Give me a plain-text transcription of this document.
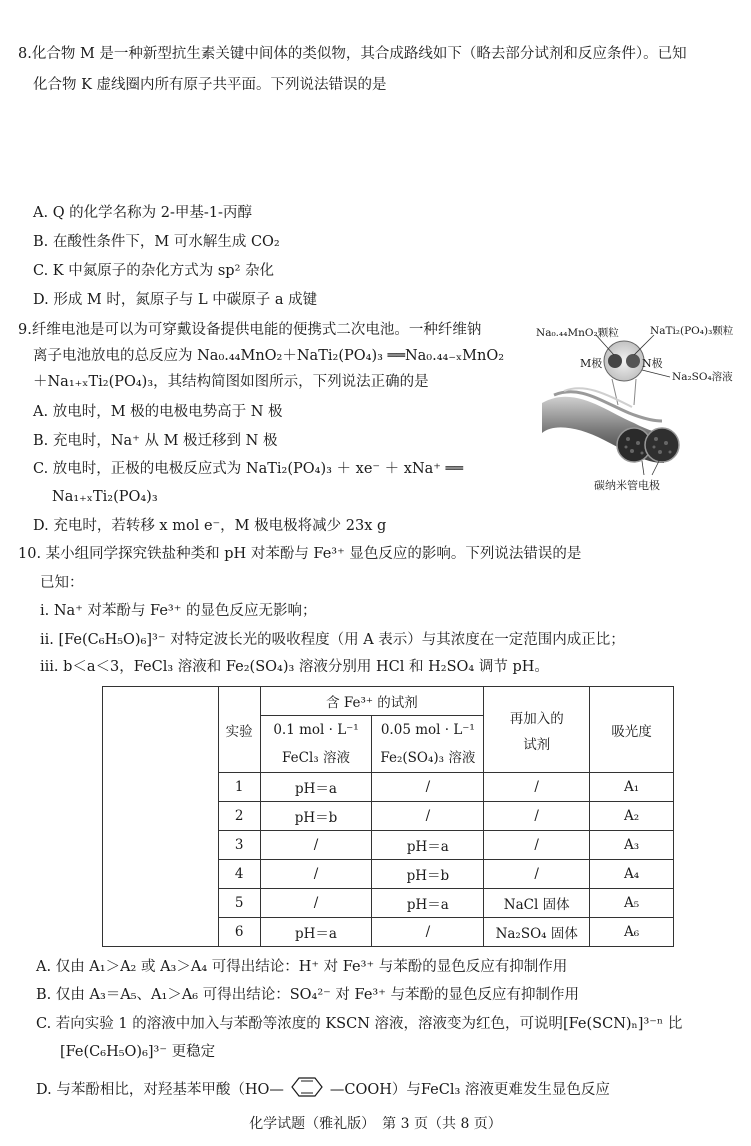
8.化合物 M 是一种新型抗生素关键中间体的类似物，其合成路线如下（略去部分试剂和反应条件）。已知
化合物 K 虚线圈内所有原子共平面。下列说法错误的是
A. Q 的化学名称为 2-甲基-1-丙醇
B. 在酸性条件下，M 可水解生成 CO₂
C. K 中氮原子的杂化方式为 sp² 杂化
D. 形成 M 时，氮原子与 L 中碳原子 a 成键
9.纤维电池是可以为可穿戴设备提供电能的便携式二次电池。一种纤维钠
离子电池放电的总反应为 Na₀.₄₄MnO₂＋NaTi₂(PO₄)₃ ══Na₀.₄₄₋ₓMnO₂
＋Na₁₊ₓTi₂(PO₄)₃，其结构简图如图所示，下列说法正确的是
A. 放电时，M 极的电极电势高于 N 极
B. 充电时，Na⁺ 从 M 极迁移到 N 极
C. 放电时，正极的电极反应式为 NaTi₂(PO₄)₃ ＋ xe⁻ ＋ xNa⁺ ══
Na₁₊ₓTi₂(PO₄)₃
D. 充电时，若转移 x mol e⁻，M 极电极将减少 23x g
Na₀.₄₄MnO₂颗粒	NaTi₂(PO₄)₃颗粒
M极	N极
Na₂SO₄溶液
碳纳米管电极
10. 某小组同学探究铁盐种类和 pH 对苯酚与 Fe³⁺ 显色反应的影响。下列说法错误的是
已知：
ⅰ. Na⁺ 对苯酚与 Fe³⁺ 的显色反应无影响；
ⅱ. [Fe(C₆H₅O)₆]³⁻ 对特定波长光的吸收程度（用 A 表示）与其浓度在一定范围内成正比；
ⅲ. b＜a＜3，FeCl₃ 溶液和 Fe₂(SO₄)₃ 溶液分别用 HCl 和 H₂SO₄ 调节 pH。
	实验	含 Fe³⁺ 的试剂		再加入的
试剂	吸光度
		0.1 mol · L⁻¹	0.05 mol · L⁻¹		
		FeCl₃ 溶液	Fe₂(SO₄)₃ 溶液		
	1	pH＝a	/	/	A₁
	2	pH＝b	/	/	A₂
	3	/	pH＝a	/	A₃
	4	/	pH＝b	/	A₄
	5	/	pH＝a	NaCl 固体	A₅
	6	pH＝a	/	Na₂SO₄ 固体	A₆
A. 仅由 A₁＞A₂ 或 A₃＞A₄ 可得出结论：H⁺ 对 Fe³⁺ 与苯酚的显色反应有抑制作用
B. 仅由 A₃＝A₅、A₁＞A₆ 可得出结论：SO₄²⁻ 对 Fe³⁺ 与苯酚的显色反应有抑制作用
C. 若向实验 1 的溶液中加入与苯酚等浓度的 KSCN 溶液，溶液变为红色，可说明[Fe(SCN)ₙ]³⁻ⁿ 比
[Fe(C₆H₅O)₆]³⁻ 更稳定
D. 与苯酚相比，对羟基苯甲酸（HO—	—COOH）与FeCl₃ 溶液更难发生显色反应
化学试题（雅礼版）　第 3 页（共 8 页）
